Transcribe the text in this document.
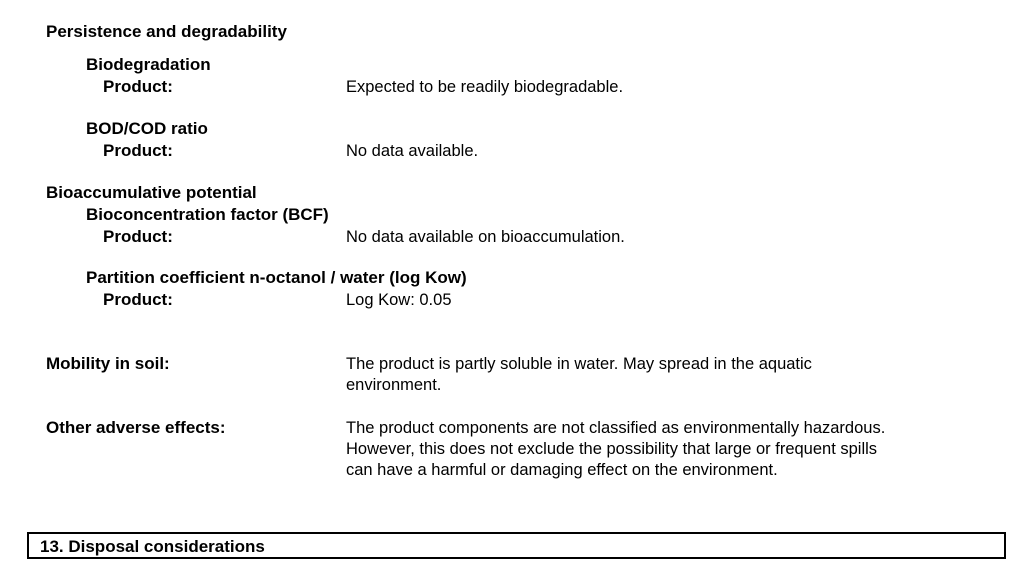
Persistence and degradability
Biodegradation
Product:	Expected to be readily biodegradable.
BOD/COD ratio
Product:	No data available.
Bioaccumulative potential
Bioconcentration factor (BCF)
Product:	No data available on bioaccumulation.
Partition coefficient n-octanol / water (log Kow)
Product:	Log Kow: 0.05
Mobility in soil:	The product is partly soluble in water. May spread in the aquatic
environment.
Other adverse effects:	The product components are not classified as environmentally hazardous.
However, this does not exclude the possibility that large or frequent spills
can have a harmful or damaging effect on the environment.
13. Disposal considerations
